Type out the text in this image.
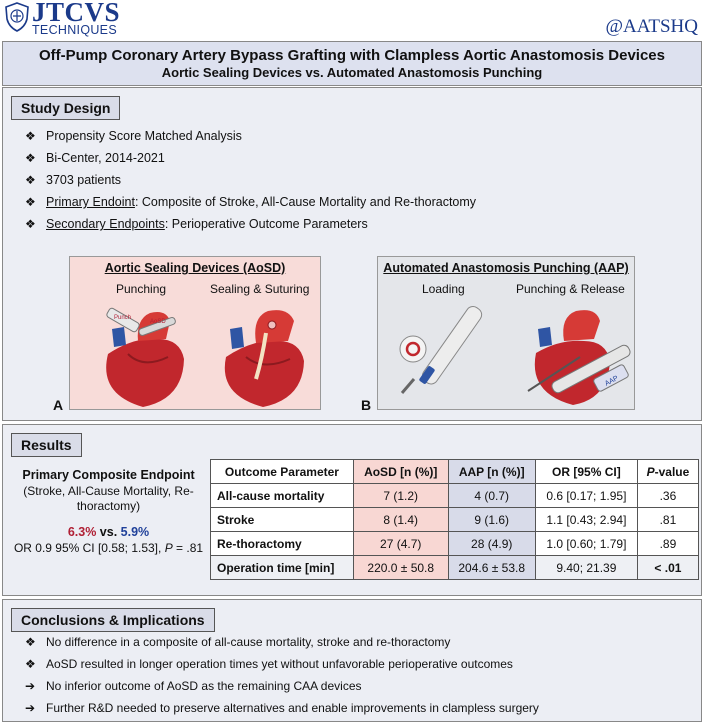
JTCVS
TECHNIQUES	@AATSHQ
Off-Pump Coronary Artery Bypass Grafting with Clampless Aortic Anastomosis Devices
Aortic Sealing Devices vs. Automated Anastomosis Punching
Study Design
❖ Propensity Score Matched Analysis
❖ Bi-Center, 2014-2021
❖ 3703 patients
❖ Primary Endoint: Composite of Stroke, All-Cause Mortality and Re-thoractomy
❖ Secondary Endpoints: Perioperative Outcome Parameters
Aortic Sealing Devices (AoSD)
Punching	Sealing & Suturing
Punch
AoSD
A
Automated Anastomosis Punching (AAP)
Loading	Punching & Release
AAP
B
Results
Primary Composite Endpoint
(Stroke, All-Cause Mortality, Re-thoractomy)
6.3% vs. 5.9%
OR 0.9 95% CI [0.58; 1.53], P = .81
Outcome Parameter	AoSD [n (%)]	AAP [n (%)]	OR [95% CI]	P-value
All-cause mortality	7 (1.2)	4 (0.7)	0.6 [0.17; 1.95]	.36
Stroke	8 (1.4)	9 (1.6)	1.1 [0.43; 2.94]	.81
Re-thoractomy	27 (4.7)	28 (4.9)	1.0 [0.60; 1.79]	.89
Operation time [min]	220.0 ± 50.8	204.6 ± 53.8	9.40; 21.39	< .01
Conclusions & Implications
❖ No difference in a composite of all-cause mortality, stroke and re-thoractomy
❖ AoSD resulted in longer operation times yet without unfavorable perioperative outcomes
➔ No inferior outcome of AoSD as the remaining CAA devices
➔ Further R&D needed to preserve alternatives and enable improvements in clampless surgery
